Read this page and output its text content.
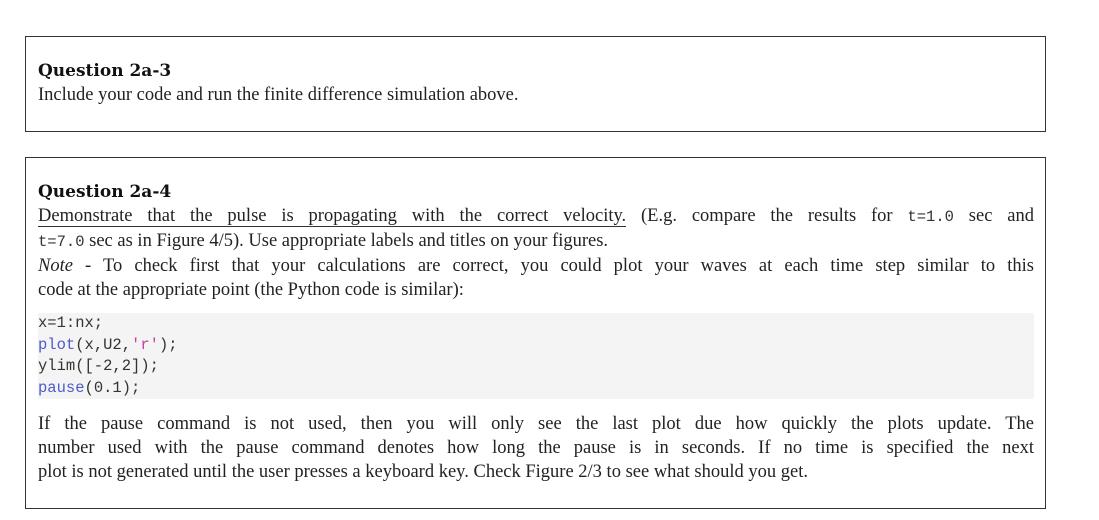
Question 2a-3
Include your code and run the finite difference simulation above.
Question 2a-4
Demonstrate that the pulse is propagating with the correct velocity. (E.g. compare the results for t=1.0 sec and
t=7.0 sec as in Figure 4/5). Use appropriate labels and titles on your figures.
Note - To check first that your calculations are correct, you could plot your waves at each time step similar to this
code at the appropriate point (the Python code is similar):
x=1:nx;
plot(x,U2,'r');
ylim([-2,2]);
pause(0.1);
If the pause command is not used, then you will only see the last plot due how quickly the plots update. The
number used with the pause command denotes how long the pause is in seconds. If no time is specified the next
plot is not generated until the user presses a keyboard key. Check Figure 2/3 to see what should you get.
